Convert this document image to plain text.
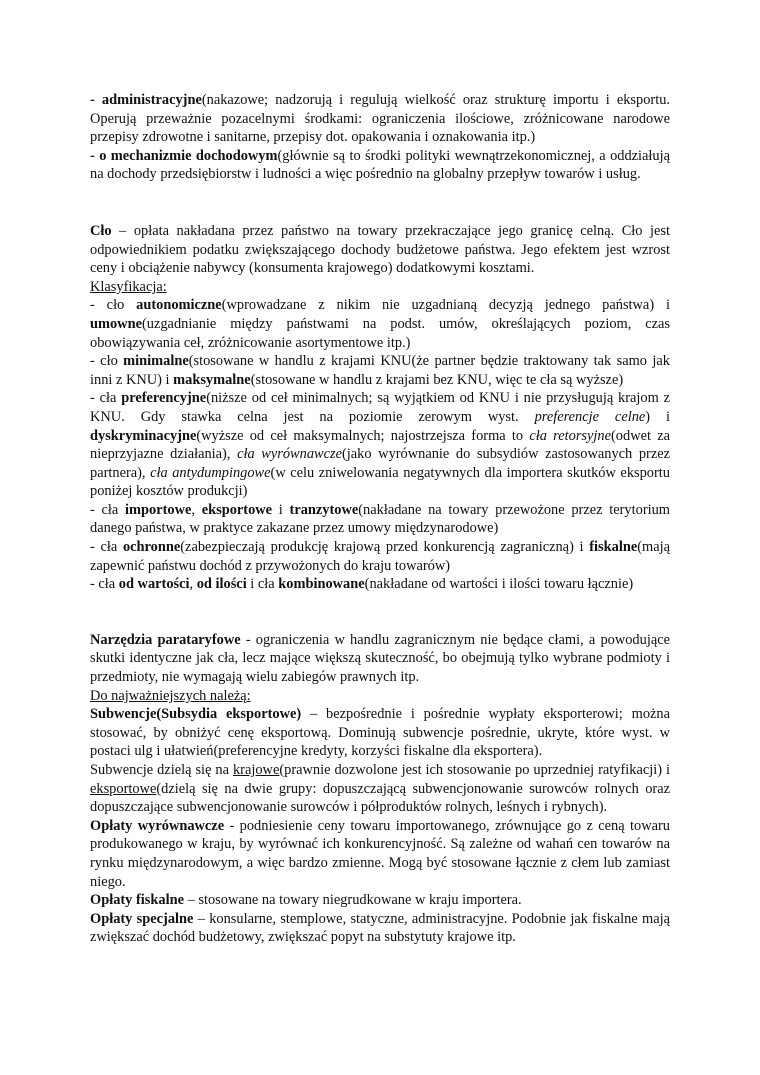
- administracyjne(nakazowe; nadzorują i regulują wielkość oraz strukturę importu i eksportu. Operują przeważnie pozacelnymi środkami: ograniczenia ilościowe, zróżnicowane narodowe przepisy zdrowotne i sanitarne, przepisy dot. opakowania i oznakowania itp.)

- o mechanizmie dochodowym(głównie są to środki polityki wewnątrzekonomicznej, a oddziałują na dochody przedsiębiorstw i ludności a więc pośrednio na globalny przepływ towarów i usług.

Cło – opłata nakładana przez państwo na towary przekraczające jego granicę celną. Cło jest odpowiednikiem podatku zwiększającego dochody budżetowe państwa. Jego efektem jest wzrost ceny i obciążenie nabywcy (konsumenta krajowego) dodatkowymi kosztami.

Klasyfikacja:

- cło autonomiczne(wprowadzane z nikim nie uzgadnianą decyzją jednego państwa) i umowne(uzgadnianie między państwami na podst. umów, określających poziom, czas obowiązywania ceł, zróżnicowanie asortymentowe itp.)

- cło minimalne(stosowane w handlu z krajami KNU(że partner będzie traktowany tak samo jak inni z KNU) i maksymalne(stosowane w handlu z krajami bez KNU, więc te cła są wyższe)

- cła preferencyjne(niższe od ceł minimalnych; są wyjątkiem od KNU i nie przysługują krajom z KNU. Gdy stawka celna jest na poziomie zerowym wyst. preferencje celne) i dyskryminacyjne(wyższe od ceł maksymalnych; najostrzejsza forma to cła retorsyjne(odwet za nieprzyjazne działania), cła wyrównawcze(jako wyrównanie do subsydiów zastosowanych przez partnera), cła antydumpingowe(w celu zniwelowania negatywnych dla importera skutków eksportu poniżej kosztów produkcji)

- cła importowe, eksportowe i tranzytowe(nakładane na towary przewożone przez terytorium danego państwa, w praktyce zakazane przez umowy międzynarodowe)

- cła ochronne(zabezpieczają produkcję krajową przed konkurencją zagraniczną) i fiskalne(mają zapewnić państwu dochód z przywożonych do kraju towarów)

- cła od wartości, od ilości i cła kombinowane(nakładane od wartości i ilości towaru łącznie)

Narzędzia parataryfowe - ograniczenia w handlu zagranicznym nie będące cłami, a powodujące skutki identyczne jak cła, lecz mające większą skuteczność, bo obejmują tylko wybrane podmioty i przedmioty, nie wymagają wielu zabiegów prawnych itp.

Do najważniejszych należą:

Subwencje(Subsydia eksportowe) – bezpośrednie i pośrednie wypłaty eksporterowi; można stosować, by obniżyć cenę eksportową. Dominują subwencje pośrednie, ukryte, które wyst. w postaci ulg i ułatwień(preferencyjne kredyty, korzyści fiskalne dla eksportera).

Subwencje dzielą się na krajowe(prawnie dozwolone jest ich stosowanie po uprzedniej ratyfikacji) i eksportowe(dzielą się na dwie grupy: dopuszczającą subwencjonowanie surowców rolnych oraz dopuszczające subwencjonowanie surowców i półproduktów rolnych, leśnych i rybnych).

Opłaty wyrównawcze - podniesienie ceny towaru importowanego, zrównujące go z ceną towaru produkowanego w kraju, by wyrównać ich konkurencyjność. Są zależne od wahań cen towarów na rynku międzynarodowym, a więc bardzo zmienne. Mogą być stosowane łącznie z cłem lub zamiast niego.

Opłaty fiskalne – stosowane na towary niegrudkowane w kraju importera.

Opłaty specjalne – konsularne, stemplowe, statyczne, administracyjne. Podobnie jak fiskalne mają zwiększać dochód budżetowy, zwiększać popyt na substytuty krajowe itp.
